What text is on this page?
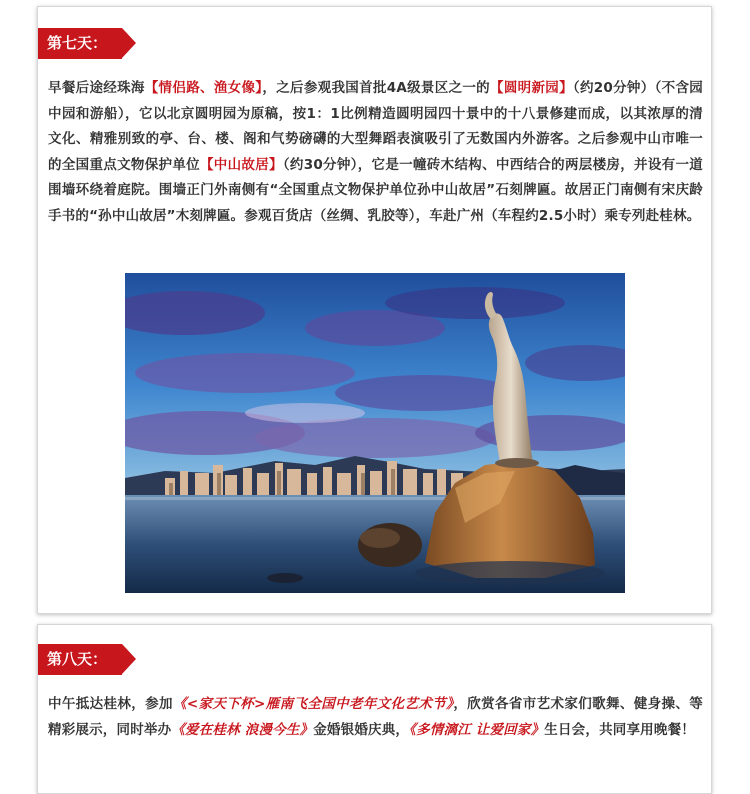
第七天：
早餐后途经珠海【情侣路、渔女像】，之后参观我国首批4A级景区之一的【圆明新园】（约20分钟）（不含园中园和游船），它以北京圆明园为原稿，按1：1比例精造圆明园四十景中的十八景修建而成，以其浓厚的清文化、精雅别致的亭、台、楼、阁和气势磅礴的大型舞蹈表演吸引了无数国内外游客。之后参观中山市唯一的全国重点文物保护单位【中山故居】（约30分钟），它是一幢砖木结构、中西结合的两层楼房，并设有一道围墙环绕着庭院。围墙正门外南侧有“全国重点文物保护单位孙中山故居”石刻牌匾。故居正门南侧有宋庆龄手书的“孙中山故居”木刻牌匾。参观百货店（丝绸、乳胶等），车赴广州（车程约2.5小时）乘专列赴桂林。
第八天：
中午抵达桂林，参加《<家天下杯>雁南飞全国中老年文化艺术节》，欣赏各省市艺术家们歌舞、健身操、等精彩展示，同时举办《爱在桂林 浪漫今生》金婚银婚庆典，《多情漓江 让爱回家》生日会，共同享用晚餐！
